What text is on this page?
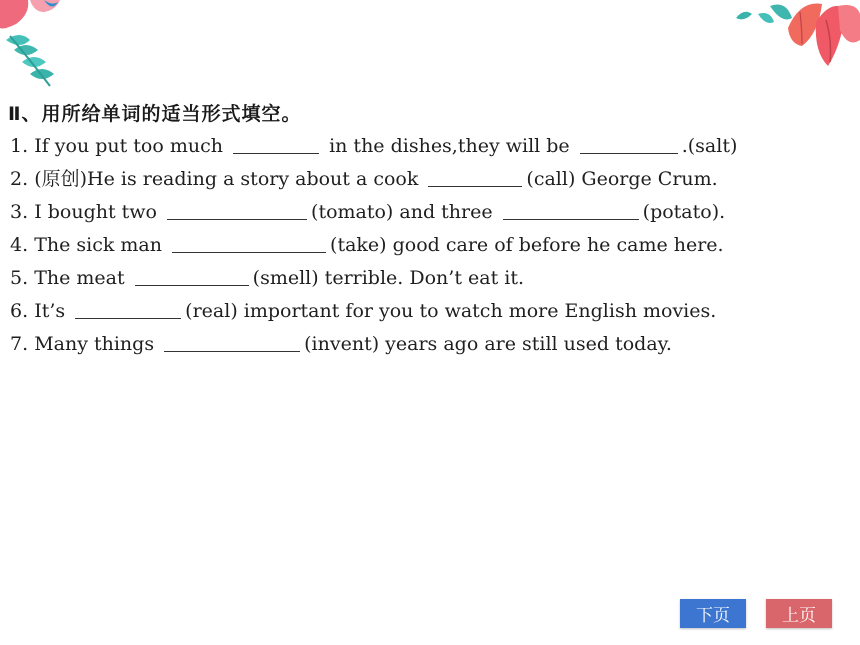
Ⅱ、用所给单词的适当形式填空。
1. If you put too much	in the dishes,they will be	.(salt)
2. (原创)He is reading a story about a cook	(call) George Crum.
3. I bought two	(tomato) and three	(potato).
4. The sick man	(take) good care of before he came here.
5. The meat	(smell) terrible. Don’t eat it.
6. It’s	(real) important for you to watch more English movies.
7. Many things	(invent) years ago are still used today.
下页	上页
